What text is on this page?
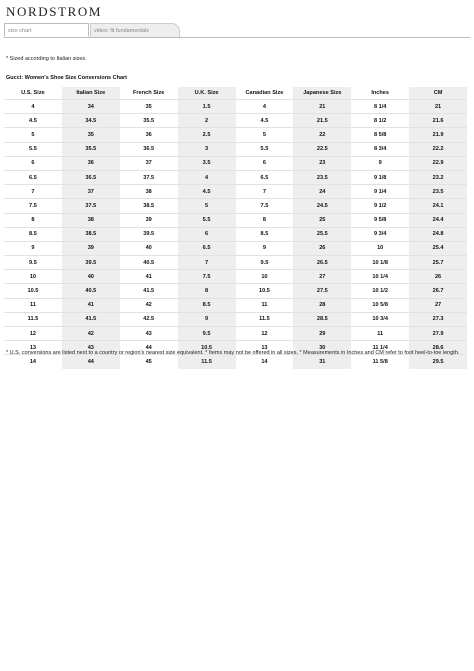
NORDSTROM
size chart	video: fit fundamentals
* Sized according to Italian sizes.
Gucci: Women's Shoe Size Conversions Chart
U.S. Size	Italian Size	French Size	U.K. Size	Canadian Size	Japanese Size	Inches	CM
4	34	35	1.5	4	21	8 1/4	21
4.5	34.5	35.5	2	4.5	21.5	8 1/2	21.6
5	35	36	2.5	5	22	8 5/8	21.9
5.5	35.5	36.5	3	5.5	22.5	8 3/4	22.2
6	36	37	3.5	6	23	9	22.9
6.5	36.5	37.5	4	6.5	23.5	9 1/8	23.2
7	37	38	4.5	7	24	9 1/4	23.5
7.5	37.5	38.5	5	7.5	24.5	9 1/2	24.1
8	38	39	5.5	8	25	9 5/8	24.4
8.5	38.5	39.5	6	8.5	25.5	9 3/4	24.8
9	39	40	6.5	9	26	10	25.4
9.5	39.5	40.5	7	9.5	26.5	10 1/8	25.7
10	40	41	7.5	10	27	10 1/4	26
10.5	40.5	41.5	8	10.5	27.5	10 1/2	26.7
11	41	42	8.5	11	28	10 5/8	27
11.5	41.5	42.5	9	11.5	28.5	10 3/4	27.3
12	42	43	9.5	12	29	11	27.9
13	43	44	10.5	13	30	11 1/4	28.6
14	44	45	11.5	14	31	11 5/8	29.5
* U.S. conversions are listed next to a country or region's nearest size equivalent. * Items may not be offered in all sizes. * Measurements in Inches and CM refer to foot heel-to-toe length.
